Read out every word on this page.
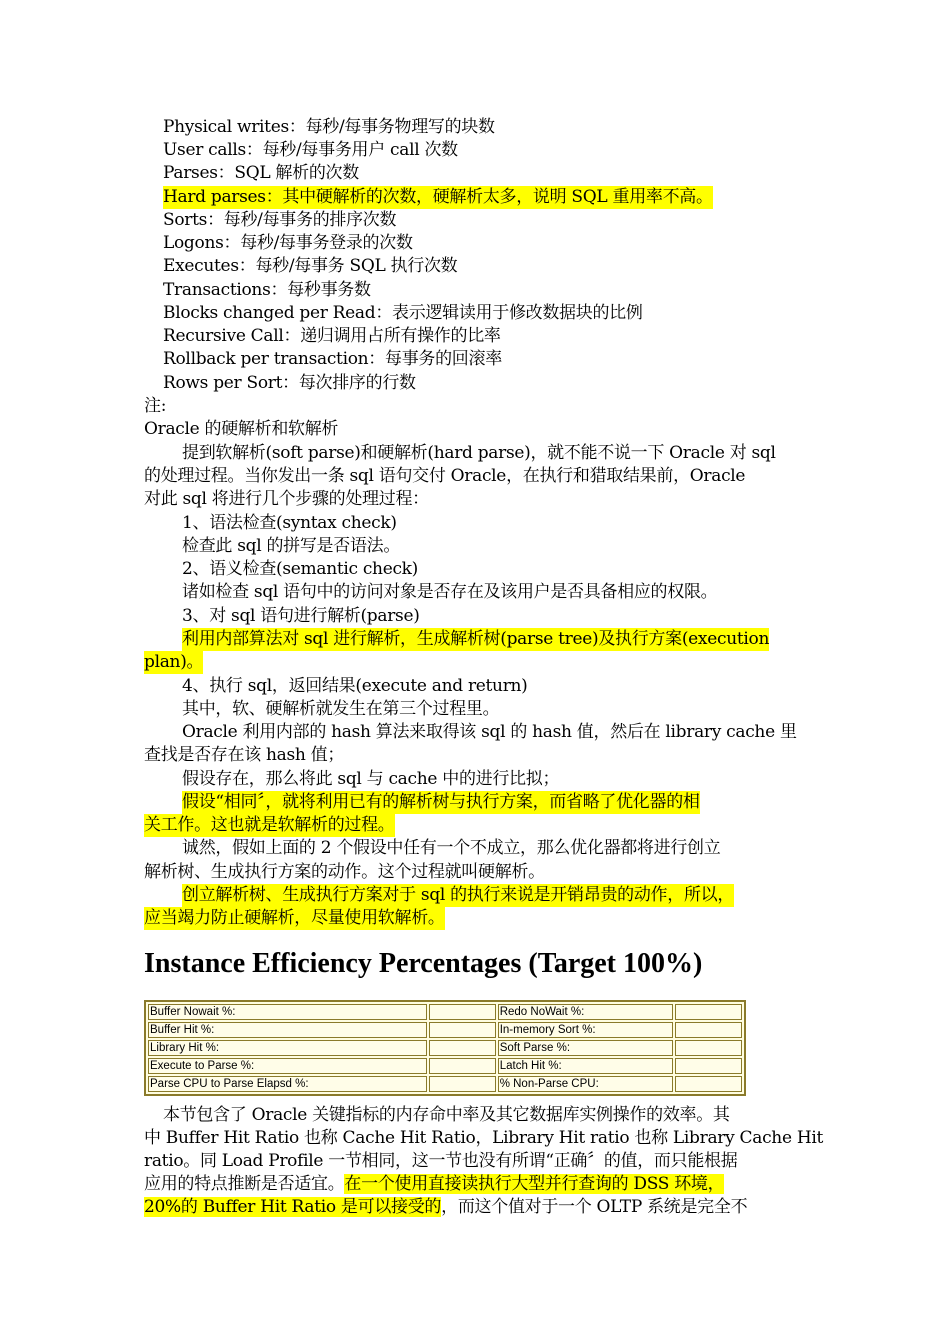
Physical writes：每秒/每事务物理写的块数
User calls：每秒/每事务用户 call 次数
Parses：SQL 解析的次数
Hard parses：其中硬解析的次数，硬解析太多，说明 SQL 重用率不高。
Sorts：每秒/每事务的排序次数
Logons：每秒/每事务登录的次数
Executes：每秒/每事务 SQL 执行次数
Transactions：每秒事务数
Blocks changed per Read：表示逻辑读用于修改数据块的比例
Recursive Call：递归调用占所有操作的比率
Rollback per transaction：每事务的回滚率
Rows per Sort：每次排序的行数
注:
Oracle 的硬解析和软解析
提到软解析(soft parse)和硬解析(hard parse)，就不能不说一下 Oracle 对 sql
的处理过程。当你发出一条 sql 语句交付 Oracle，在执行和猎取结果前，Oracle
对此 sql 将进行几个步骤的处理过程：
1、语法检查(syntax check)
检查此 sql 的拼写是否语法。
2、语义检查(semantic check)
诸如检查 sql 语句中的访问对象是否存在及该用户是否具备相应的权限。
3、对 sql 语句进行解析(parse)
利用内部算法对 sql 进行解析，生成解析树(parse tree)及执行方案(execution
plan)。
4、执行 sql，返回结果(execute and return)
其中，软、硬解析就发生在第三个过程里。
Oracle 利用内部的 hash 算法来取得该 sql 的 hash 值，然后在 library cache 里
查找是否存在该 hash 值；
假设存在，那么将此 sql 与 cache 中的进行比拟；
假设“相同〞，就将利用已有的解析树与执行方案，而省略了优化器的相
关工作。这也就是软解析的过程。
诚然，假如上面的 2 个假设中任有一个不成立，那么优化器都将进行创立
解析树、生成执行方案的动作。这个过程就叫硬解析。
创立解析树、生成执行方案对于 sql 的执行来说是开销昂贵的动作，所以，
应当竭力防止硬解析，尽量使用软解析。
Instance Efficiency Percentages (Target 100%)
Buffer Nowait %:		Redo NoWait %:	
Buffer Hit %:		In-memory Sort %:	
Library Hit %:		Soft Parse %:	
Execute to Parse %:		Latch Hit %:	
Parse CPU to Parse Elapsd %:		% Non-Parse CPU:	
本节包含了 Oracle 关键指标的内存命中率及其它数据库实例操作的效率。其
中 Buffer Hit Ratio 也称 Cache Hit Ratio，Library Hit ratio 也称 Library Cache Hit
ratio。同 Load Profile 一节相同，这一节也没有所谓“正确〞的值，而只能根据
应用的特点推断是否适宜。在一个使用直接读执行大型并行查询的 DSS 环境，
20%的 Buffer Hit Ratio 是可以接受的，而这个值对于一个 OLTP 系统是完全不
